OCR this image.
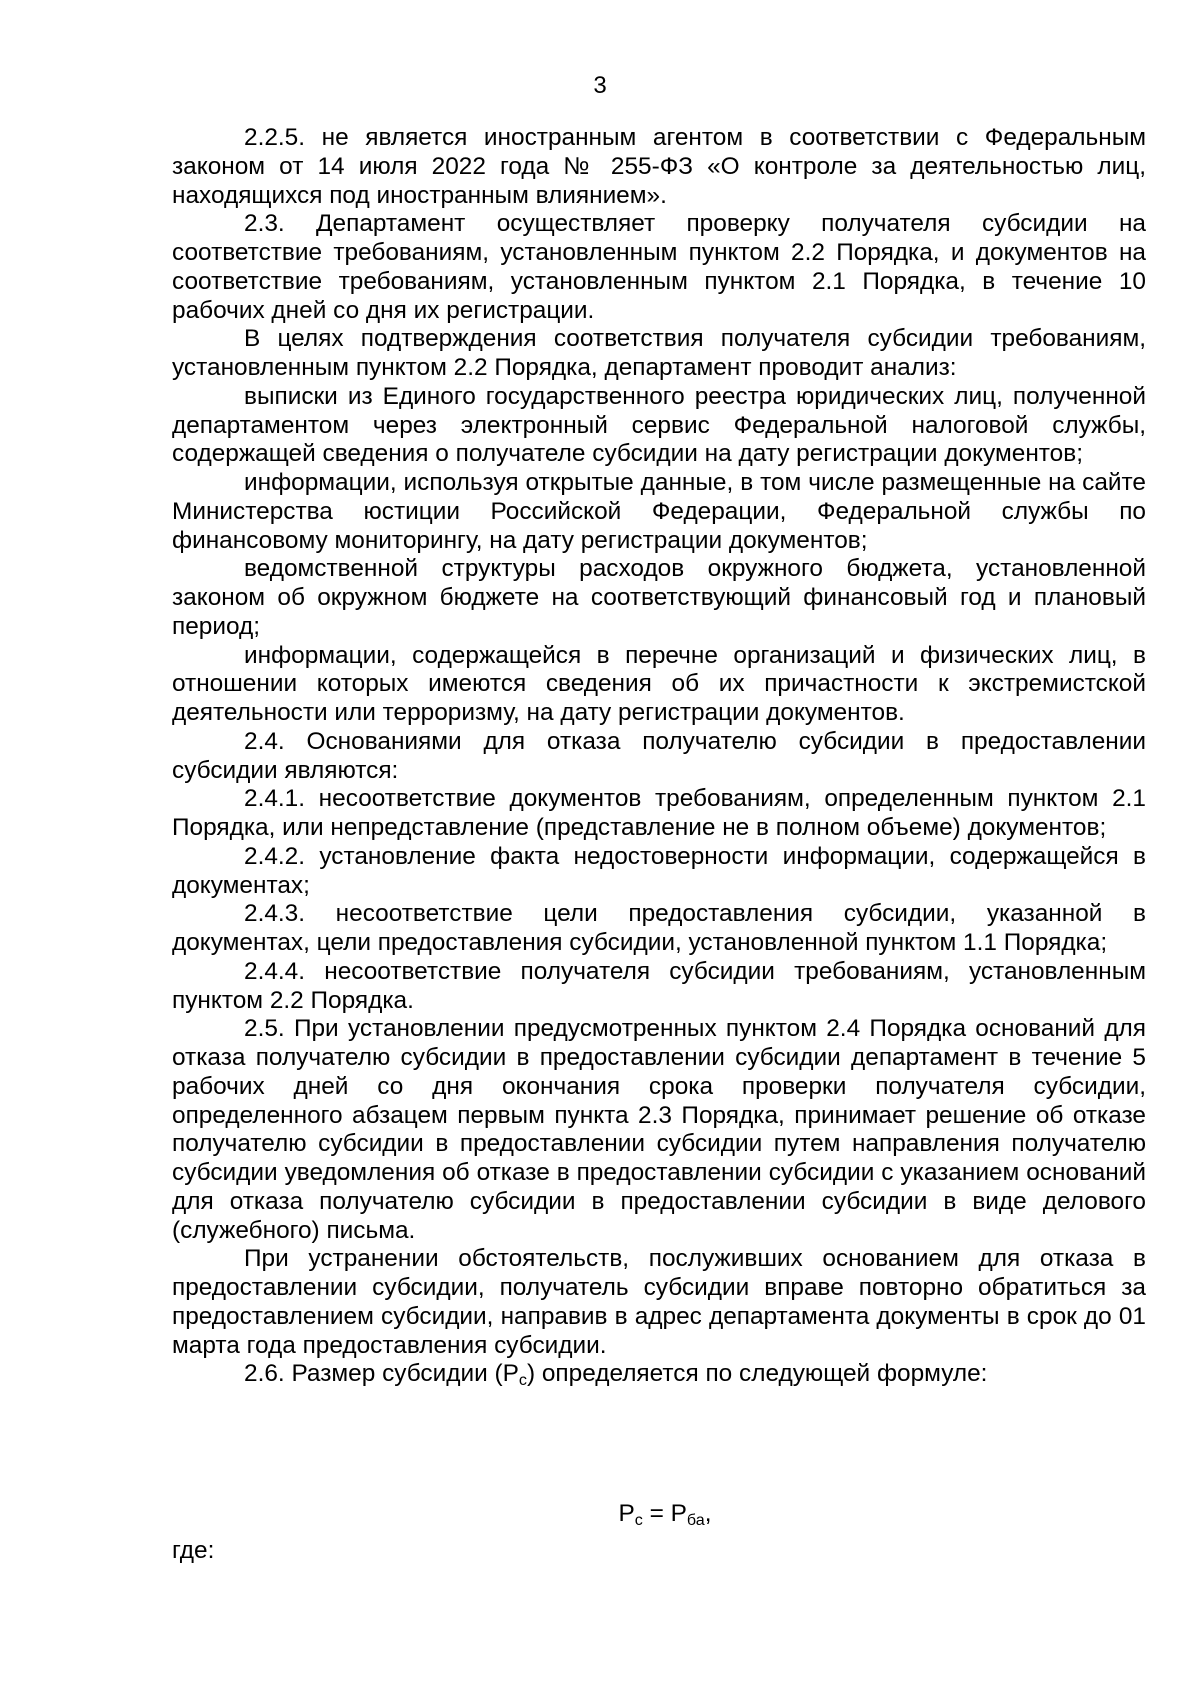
3

2.2.5. не является иностранным агентом в соответствии с Федеральным законом от 14 июля 2022 года № 255-ФЗ «О контроле за деятельностью лиц, находящихся под иностранным влиянием».

2.3. Департамент осуществляет проверку получателя субсидии на соответствие требованиям, установленным пунктом 2.2 Порядка, и документов на соответствие требованиям, установленным пунктом 2.1 Порядка, в течение 10 рабочих дней со дня их регистрации.

В целях подтверждения соответствия получателя субсидии требованиям, установленным пунктом 2.2 Порядка, департамент проводит анализ:

выписки из Единого государственного реестра юридических лиц, полученной департаментом через электронный сервис Федеральной налоговой службы, содержащей сведения о получателе субсидии на дату регистрации документов;

информации, используя открытые данные, в том числе размещенные на сайте Министерства юстиции Российской Федерации, Федеральной службы по финансовому мониторингу, на дату регистрации документов;

ведомственной структуры расходов окружного бюджета, установленной законом об окружном бюджете на соответствующий финансовый год и плановый период;

информации, содержащейся в перечне организаций и физических лиц, в отношении которых имеются сведения об их причастности к экстремистской деятельности или терроризму, на дату регистрации документов.

2.4. Основаниями для отказа получателю субсидии в предоставлении субсидии являются:

2.4.1. несоответствие документов требованиям, определенным пунктом 2.1 Порядка, или непредставление (представление не в полном объеме) документов;

2.4.2. установление факта недостоверности информации, содержащейся в документах;

2.4.3. несоответствие цели предоставления субсидии, указанной в документах, цели предоставления субсидии, установленной пунктом 1.1 Порядка;

2.4.4. несоответствие получателя субсидии требованиям, установленным пунктом 2.2 Порядка.

2.5. При установлении предусмотренных пунктом 2.4 Порядка оснований для отказа получателю субсидии в предоставлении субсидии департамент в течение 5 рабочих дней со дня окончания срока проверки получателя субсидии, определенного абзацем первым пункта 2.3 Порядка, принимает решение об отказе получателю субсидии в предоставлении субсидии путем направления получателю субсидии уведомления об отказе в предоставлении субсидии с указанием оснований для отказа получателю субсидии в предоставлении субсидии в виде делового (служебного) письма.

При устранении обстоятельств, послуживших основанием для отказа в предоставлении субсидии, получатель субсидии вправе повторно обратиться за предоставлением субсидии, направив в адрес департамента документы в срок до 01 марта года предоставления субсидии.

2.6. Размер субсидии $(Р_с)$ определяется по следующей формуле:

$Р_с = Р_{ба}$,
где:
